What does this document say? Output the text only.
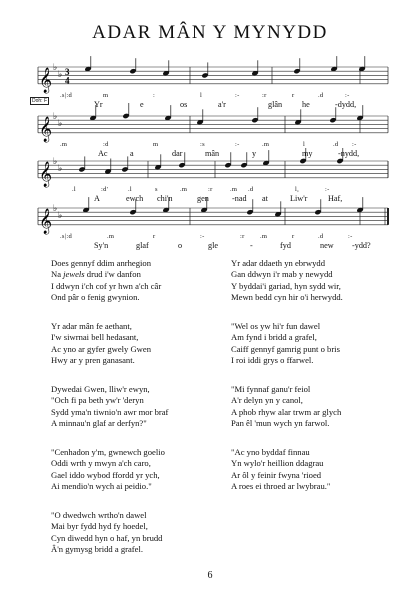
ADAR MÂN Y MYNYDD
𝄞 ♭
♭ 3
4
𝄞 ♭
♭
𝄞 ♭
♭
𝄞 ♭
♭
Doh: F
.s|:d	m	:	l	:-	:r	r	.d	:-
.m	:d	m	:s	:-	.m	l	.d :-
.l	:d'	.l	s	.m	:r	.m .d	l,	:-
.s|:d	.m	r	:-	:r .m	r	.d	:-
Yr	e	os	a'r	glân he	-dydd,
Ac	a	dar	mân	y	my	-nydd,
A	ewch chi'n	gen	-nad at	Liw'r	Haf,
Sy'n	glaf	o	gle	-	fyd	new -ydd?
Does gennyf ddim anrhegion
Na jewels drud i'w danfon
I ddwyn i'ch cof yr hwn a'ch câr
Ond pâr o fenig gwynion.
Yr adar mân fe aethant,
I'w siwrnai bell hedasant,
Ac yno ar gyfer gwely Gwen
Hwy ar y pren ganasant.
Dywedai Gwen, lliw'r ewyn,
"Och fi pa beth yw'r 'deryn
Sydd yma'n tiwnio'n awr mor braf
A minnau'n glaf ar derfyn?"
"Cenhadon y'm, gwnewch goelio
Oddi wrth y mwyn a'ch caro,
Gael iddo wybod ffordd yr ych,
Ai mendio'n wych ai peidio."
"O dwedwch wrtho'n dawel
Mai byr fydd hyd fy hoedel,
Cyn diwedd hyn o haf, yn brudd
Â'n gymysg bridd a grafel.
Yr adar ddaeth yn ebrwydd
Gan ddwyn i'r mab y newydd
Y byddai'i gariad, hyn sydd wir,
Mewn bedd cyn hir o'i herwydd.
"Wel os yw hi'r fun dawel
Am fynd i bridd a grafel,
Caiff gennyf gamrig punt o bris
I roi iddi grys o ffarwel.
"Mi fynnaf ganu'r feiol
A'r delyn yn y canol,
A phob rhyw alar trwm ar glych
Pan êl 'mun wych yn farwol.
"Ac yno byddaf finnau
Yn wylo'r heillion ddagrau
Ar ôl y feinir fwyna 'rioed
A roes ei throed ar lwybrau."
6
